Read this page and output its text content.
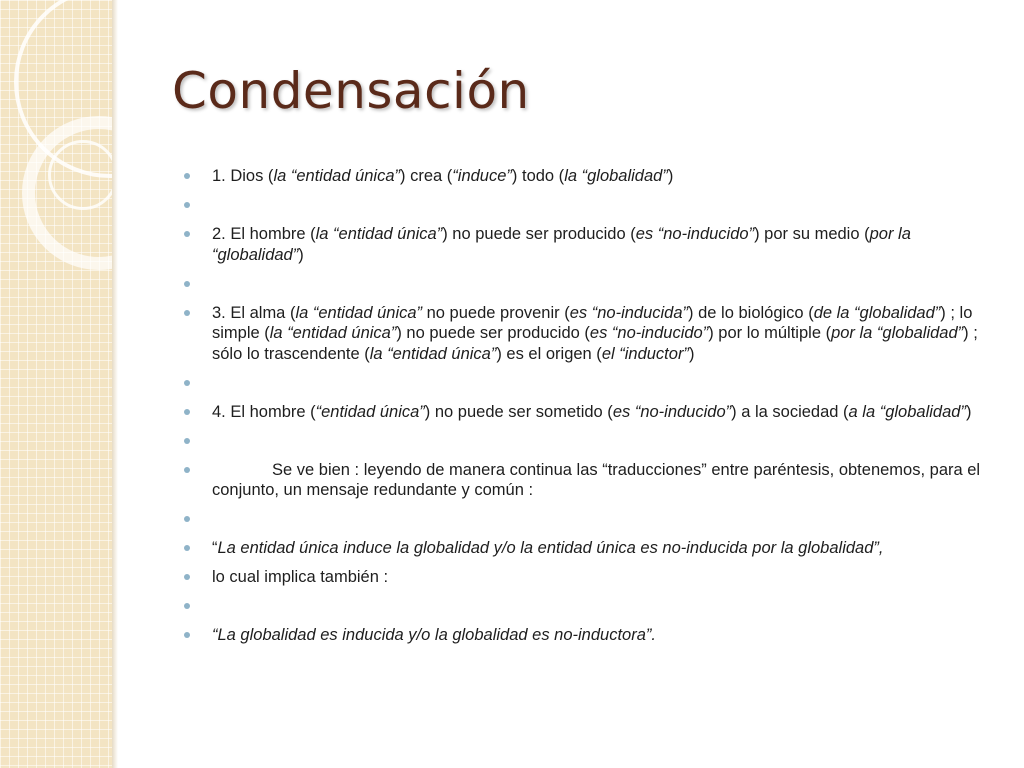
Condensación
1. Dios (la “entidad única”) crea (“induce”) todo (la “globalidad”)

2. El hombre (la “entidad única”) no puede ser producido (es “no-inducido”) por su medio (por la “globalidad”)

3. El alma (la “entidad única” no puede provenir (es “no-inducida”) de lo biológico (de la “globalidad”) ; lo simple (la “entidad única”) no puede ser producido (es “no-inducido”) por lo múltiple (por la “globalidad”) ; sólo lo trascendente (la “entidad única”) es el origen (el “inductor”)

4. El hombre (“entidad única”) no puede ser sometido (es “no-inducido”) a la sociedad (a la “globalidad”)

Se ve bien : leyendo de manera continua las “traducciones” entre paréntesis, obtenemos, para el conjunto, un mensaje redundante y común :

“La entidad única induce la globalidad y/o la entidad única es no-inducida por la globalidad”,
lo cual implica también :

“La globalidad es inducida y/o la globalidad es no-inductora”.
